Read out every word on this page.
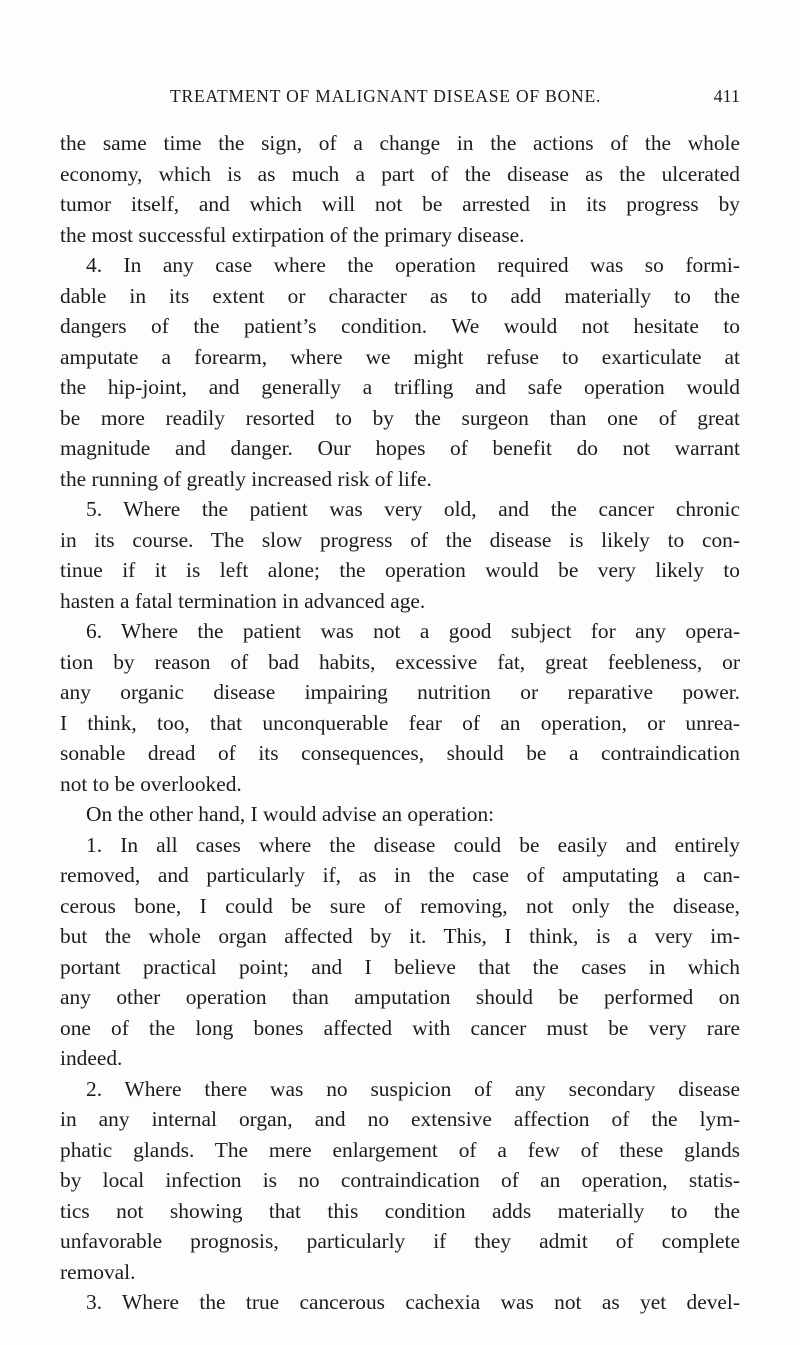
TREATMENT OF MALIGNANT DISEASE OF BONE.	411
the same time the sign, of a change in the actions of the whole
economy, which is as much a part of the disease as the ulcerated
tumor itself, and which will not be arrested in its progress by
the most successful extirpation of the primary disease.
4. In any case where the operation required was so formi-
dable in its extent or character as to add materially to the
dangers of the patient’s condition. We would not hesitate to
amputate a forearm, where we might refuse to exarticulate at
the hip-joint, and generally a trifling and safe operation would
be more readily resorted to by the surgeon than one of great
magnitude and danger. Our hopes of benefit do not warrant
the running of greatly increased risk of life.
5. Where the patient was very old, and the cancer chronic
in its course. The slow progress of the disease is likely to con-
tinue if it is left alone; the operation would be very likely to
hasten a fatal termination in advanced age.
6. Where the patient was not a good subject for any opera-
tion by reason of bad habits, excessive fat, great feebleness, or
any organic disease impairing nutrition or reparative power.
I think, too, that unconquerable fear of an operation, or unrea-
sonable dread of its consequences, should be a contraindication
not to be overlooked.
On the other hand, I would advise an operation:
1. In all cases where the disease could be easily and entirely
removed, and particularly if, as in the case of amputating a can-
cerous bone, I could be sure of removing, not only the disease,
but the whole organ affected by it. This, I think, is a very im-
portant practical point; and I believe that the cases in which
any other operation than amputation should be performed on
one of the long bones affected with cancer must be very rare
indeed.
2. Where there was no suspicion of any secondary disease
in any internal organ, and no extensive affection of the lym-
phatic glands. The mere enlargement of a few of these glands
by local infection is no contraindication of an operation, statis-
tics not showing that this condition adds materially to the
unfavorable prognosis, particularly if they admit of complete
removal.
3. Where the true cancerous cachexia was not as yet devel-
